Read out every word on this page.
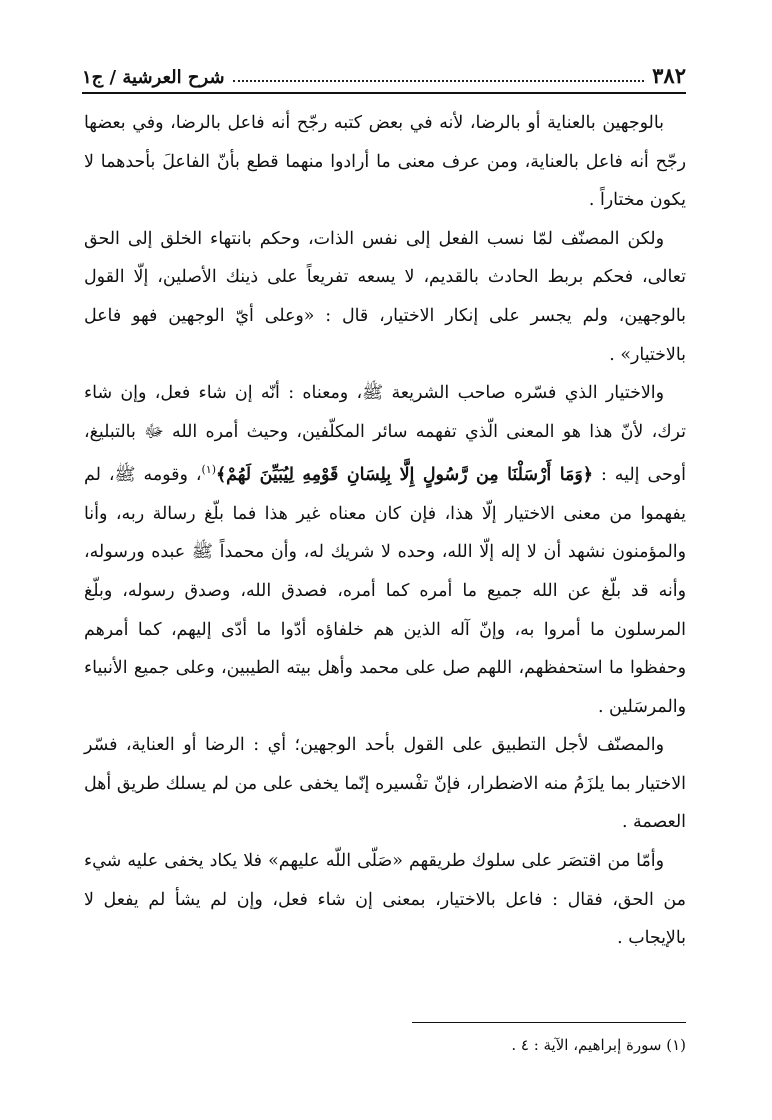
٣٨٢
شرح العرشية / ج١

بالوجهين بالعناية أو بالرضا، لأنه في بعض كتبه رجّح أنه فاعل بالرضا، وفي بعضها رجّح أنه فاعل بالعناية، ومن عرف معنى ما أرادوا منهما قطع بأنّ الفاعلَ بأحدهما لا يكون مختاراً .

ولكن المصنّف لمّا نسب الفعل إلى نفس الذات، وحكم بانتهاء الخلق إلى الحق تعالى، فحكم بربط الحادث بالقديم، لا يسعه تفريعاً على ذينك الأصلين، إلّا القول بالوجهين، ولم يجسر على إنكار الاختيار، قال : «وعلى أيّ الوجهين فهو فاعل بالاختيار» .

والاختيار الذي فسّره صاحب الشريعة ﷺ، ومعناه : أنّه إن شاء فعل، وإن شاء ترك، لأنّ هذا هو المعنى الّذي تفهمه سائر المكلّفين، وحيث أمره الله ﷻ بالتبليغ، أوحى إليه : ﴿وَمَا أَرْسَلْنَا مِن رَّسُولٍ إِلَّا بِلِسَانِ قَوْمِهِ لِيُبَيِّنَ لَهُمْ﴾$^{(١)}$، وقومه ﷺ، لم يفهموا من معنى الاختيار إلّا هذا، فإن كان معناه غير هذا فما بلّغ رسالة ربه، وأنا والمؤمنون نشهد أن لا إله إلّا الله، وحده لا شريك له، وأن محمداً ﷺ عبده ورسوله، وأنه قد بلّغ عن الله جميع ما أمره كما أمره، فصدق الله، وصدق رسوله، وبلّغ المرسلون ما أمروا به، وإنّ آله الذين هم خلفاؤه أدّوا ما أدّى إليهم، كما أمرهم وحفظوا ما استحفظهم، اللهم صل على محمد وأهل بيته الطيبين، وعلى جميع الأنبياء والمرسَلين .

والمصنّف لأجل التطبيق على القول بأحد الوجهين؛ أي : الرضا أو العناية، فسّر الاختيار بما يلزَمُ منه الاضطرار، فإنّ تفْسيره إنّما يخفى على من لم يسلك طريق أهل العصمة .

وأمّا من اقتصَر على سلوك طريقهم «صَلّى اللّه عليهم» فلا يكاد يخفى عليه شيء من الحق، فقال : فاعل بالاختيار، بمعنى إن شاء فعل، وإن لم يشأ لم يفعل لا بالإيجاب .

(١) سورة إبراهيم، الآية : ٤ .
